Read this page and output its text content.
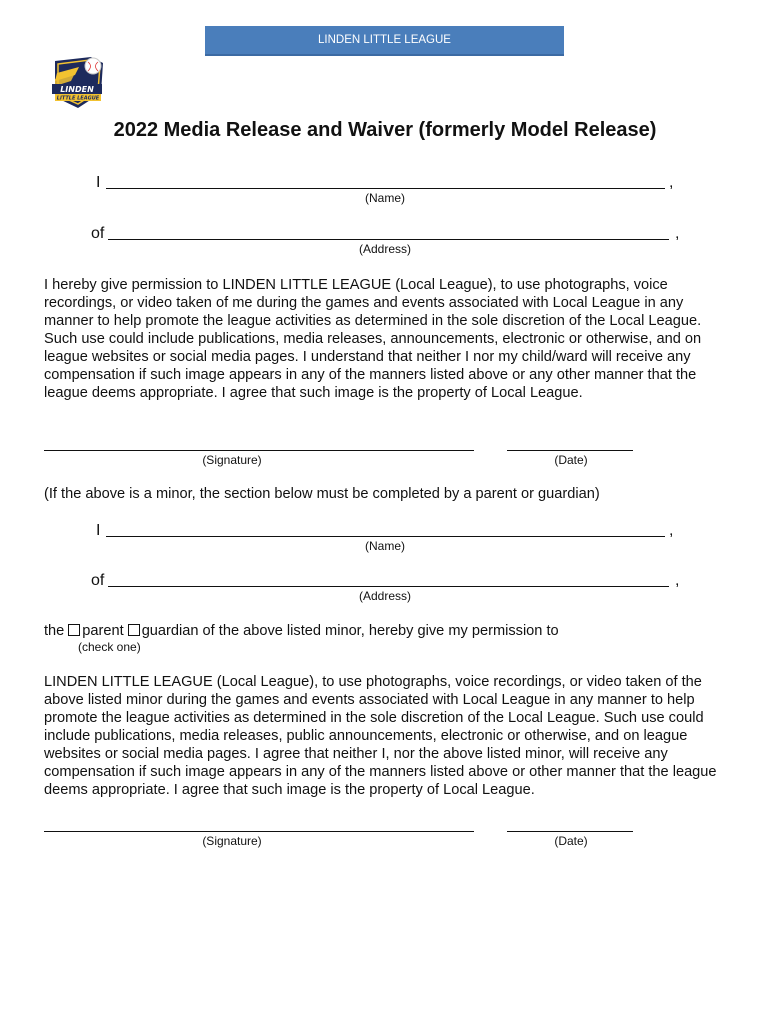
LINDEN LITTLE LEAGUE
LINDEN
LITTLE LEAGUE
2022 Media Release and Waiver (formerly Model Release)
I	,
(Name)
of	,
(Address)
I hereby give permission to LINDEN LITTLE LEAGUE (Local League), to use photographs, voice recordings, or video taken of me during the games and events associated with Local League in any manner to help promote the league activities as determined in the sole discretion of the Local League. Such use could include publications, media releases, announcements, electronic or otherwise, and on league websites or social media pages. I understand that neither I nor my child/ward will receive any compensation if such image appears in any of the manners listed above or any other manner that the league deems appropriate. I agree that such image is the property of Local League.
(Signature)	(Date)
(If the above is a minor, the section below must be completed by a parent or guardian)
I	,
(Name)
of	,
(Address)
the parent guardian of the above listed minor, hereby give my permission to
(check one)
LINDEN LITTLE LEAGUE (Local League), to use photographs, voice recordings, or video taken of the above listed minor during the games and events associated with Local League in any manner to help promote the league activities as determined in the sole discretion of the Local League. Such use could include publications, media releases, public announcements, electronic or otherwise, and on league websites or social media pages. I agree that neither I, nor the above listed minor, will receive any compensation if such image appears in any of the manners listed above or other manner that the league deems appropriate. I agree that such image is the property of Local League.
(Signature)	(Date)
